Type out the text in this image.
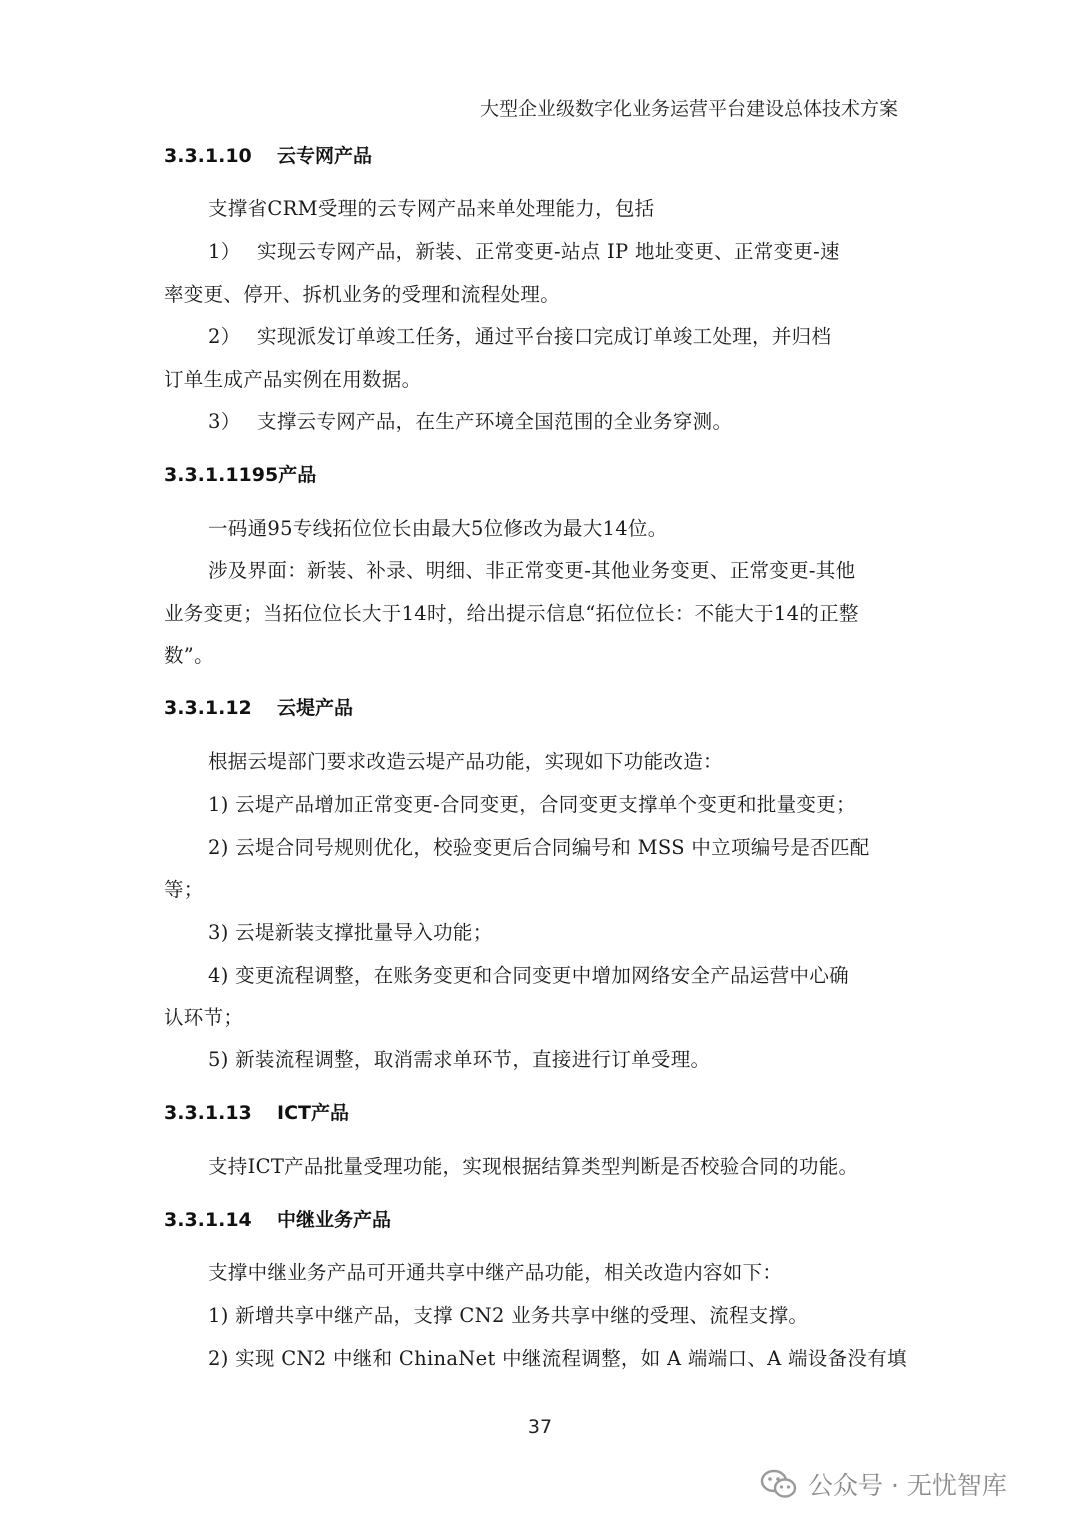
大型企业级数字化业务运营平台建设总体技术方案
3.3.1.10 云专网产品
支撑省CRM受理的云专网产品来单处理能力，包括
1）　 实现云专网产品，新装、正常变更-站点 IP 地址变更、正常变更-速
率变更、停开、拆机业务的受理和流程处理。
2）　 实现派发订单竣工任务，通过平台接口完成订单竣工处理，并归档
订单生成产品实例在用数据。
3）　 支撑云专网产品，在生产环境全国范围的全业务穿测。
3.3.1.1195产品
一码通95专线拓位位长由最大5位修改为最大14位。
涉及界面：新装、补录、明细、非正常变更-其他业务变更、正常变更-其他
业务变更；当拓位位长大于14时，给出提示信息“拓位位长：不能大于14的正整
数”。
3.3.1.12 云堤产品
根据云堤部门要求改造云堤产品功能，实现如下功能改造：
1) 云堤产品增加正常变更-合同变更，合同变更支撑单个变更和批量变更；
2) 云堤合同号规则优化，校验变更后合同编号和 MSS 中立项编号是否匹配
等；
3) 云堤新装支撑批量导入功能；
4) 变更流程调整，在账务变更和合同变更中增加网络安全产品运营中心确
认环节；
5) 新装流程调整，取消需求单环节，直接进行订单受理。
3.3.1.13 ICT产品
支持ICT产品批量受理功能，实现根据结算类型判断是否校验合同的功能。
3.3.1.14 中继业务产品
支撑中继业务产品可开通共享中继产品功能，相关改造内容如下：
1) 新增共享中继产品，支撑 CN2 业务共享中继的受理、流程支撑。
2) 实现 CN2 中继和 ChinaNet 中继流程调整，如 A 端端口、A 端设备没有填
37
公众号 · 无忧智库
